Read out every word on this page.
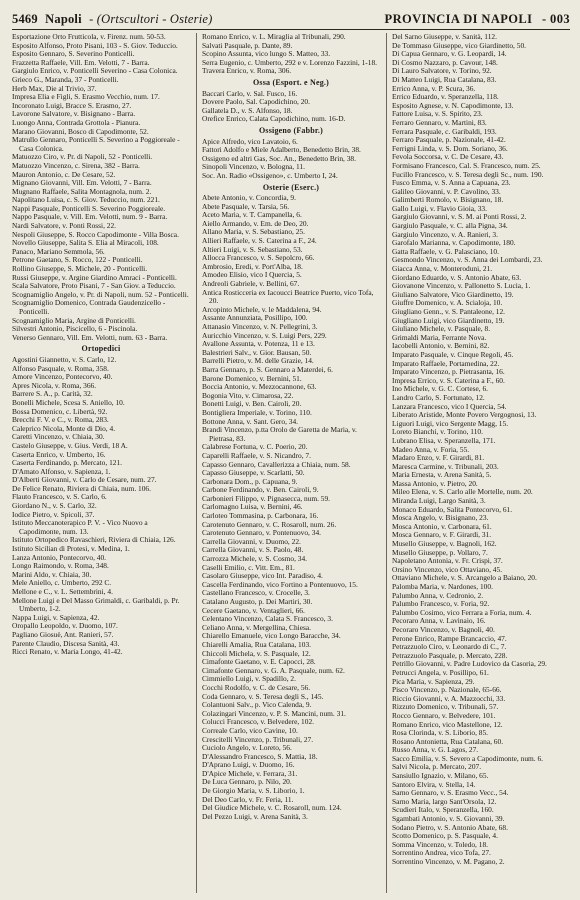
5469 Napoli - (Ortscultori - Osterie)	PROVINCIA DI NAPOLI - 003
Esportazione Orto Frutticola, v. Firenz. num. 50-53.
Esposito Alfonso, Proto Pisani, 103 - S. Giov. Teduccio.
Esposito Gennaro, S. Severino Ponticelli.
Frazzetta Raffaele, Vill. Em. Velotti, 7 - Barra.
Gargiulo Enrico, v. Ponticelli Severino - Casa Colonica.
Grieco G., Maranda, 37 - Ponticelli.
Herb Max, Die al Trivio, 37.
Impresa Elia e Figli, S. Erasmo Vecchio, num. 17.
Incoronato Luigi, Bracce S. Erasmo, 27.
Lavorone Salvatore, v. Bisignano - Barra.
Luongo Anna, Contrada Grottola - Pianura.
Marano Giovanni, Bosco di Capodimonte, 52.
Matrullo Gennaro, Ponticelli S. Severino a Poggioreale - Casa Colonica.
Matuozzo Ciro, v. Pr. di Napoli, 52 - Ponticelli.
Matuozzo Vincenzo, c. Sirena, 382 - Barra.
Mauron Antonio, c. De Cesare, 52.
Mignano Giovanni, Vill. Em. Velotti, 7 - Barra.
Mugnano Raffaele, Salita Montagnola, num. 2.
Napolitano Luisa, c. S. Giov. Teduccio, num. 221.
Nappi Pasquale, Ponticelli S. Severino Poggioreale.
Nappo Pasquale, v. Vill. Em. Velotti, num. 9 - Barra.
Nardi Salvatore, v. Ponti Rossi, 22.
Nespoli Giuseppe, S. Rocco Capodimonte - Villa Bosca.
Novello Giuseppe, Salita S. Elia al Miracoli, 108.
Panaco, Mariano Semmola, 56.
Petrone Gaetano, S. Rocco, 122 - Ponticelli.
Rollino Giuseppe, S. Michele, 20 - Ponticelli.
Russi Giuseppe, v. Argine Giardino Amraci - Ponticelli.
Scala Salvatore, Proto Pisani, 7 - San Giov. a Teduccio.
Scognamiglio Angelo, v. Pr. di Napoli, num. 52 - Ponticelli.
Scognamiglio Domenico, Contrada Gaudenzicello - Ponticelli.
Scognamiglio Maria, Argine di Ponticelli.
Silvestri Antonio, Piscicello, 6 - Piscinola.
Venerso Gennaro, Vill. Em. Velotti, num. 63 - Barra.
Ortopedici
Agostini Giannetto, v. S. Carlo, 12.
Alfonso Pasquale, v. Roma, 358.
Amore Vincenzo, Pontecorvo, 40.
Apres Nicola, v. Roma, 366.
Barrere S. A., p. Carità, 32.
Bonelli Michele, Scesa S. Aniello, 10.
Bossa Domenico, c. Libertà, 92.
Brecchi F. V. e C., v. Roma, 283.
Caleprico Nicola, Monte di Dio, 4.
Caretti Vincenzo, v. Chiaia, 30.
Castelo Giuseppe, v. Gius. Verdi, 18 A.
Caserta Enrico, v. Umberto, 16.
Caserta Ferdinando, p. Mercato, 121.
D'Amato Alfonso, v. Sapienza, 1.
D'Alberti Giovanni, v. Carlo de Cesare, num. 27.
De Felice Renato, Riviera di Chiaia, num. 106.
Flauto Francesco, v. S. Carlo, 6.
Giordano N., v. S. Carlo, 32.
Iodice Pietro, v. Spicoli, 37.
Istituto Meccanoterapico P. V. - Vico Nuovo a Capodimonte, num. 13.
Istituto Ortopedico Ravaschieri, Riviera di Chiaia, 126.
Istituto Sicilian di Protesi, v. Medina, 1.
Lanza Antonio, Pontecorvo, 40.
Longo Raimondo, v. Roma, 348.
Marini Aldo, v. Chiaia, 30.
Mele Aniello, c. Umberto, 292 C.
Mellone e C., v. L. Settembrini, 4.
Mellone Luigi e Del Masso Grimaldi, c. Garibaldi, p. Pr. Umberto, 1-2.
Nappa Luigi, v. Sapienza, 42.
Oropallo Leopoldo, v. Duomo, 107.
Pagliano Giosuè, Ant. Ranieri, 57.
Parente Claudio, Discesa Sanità, 43.
Ricci Renato, v. Maria Longo, 41-42.
Romano Enrico, v. L. Miraglia al Tribunali, 290.
Salvati Pasquale, p. Dante, 89.
Scopino Assunta, vico lungo S. Matteo, 33.
Serra Eugenio, c. Umberto, 292 e v. Lorenzo Fazzini, 1-18.
Travera Enrico, v. Roma, 306.
Ossa (Esport. e Neg.)
Baccari Carlo, v. Sal. Fusco, 16.
Dovere Paolo, Sal. Capodichino, 20.
Gallatela D., v. S. Alfonso, 18.
Orefice Enrico, Calata Capodichino, num. 16-D.
Ossigeno (Fabbr.)
Apice Alfredo, vico Lavatoio, 6.
Fattori Adolfo e Miele Adalberto, Benedetto Brin, 38.
Ossigeno ed altri Gas, Soc. An., Benedetto Brin, 38.
Sinopoli Vincenzo, v. Bologna, 11.
Soc. An. Radio «Ossigeno», c. Umberto I, 24.
Osterie (Eserc.)
Abete Antonio, v. Concordia, 9.
Abete Pasquale, v. Tarsia, 56.
Aceto Maria, v. T. Campanella, 6.
Aiello Armando, v. Em. de Deo, 20.
Allano Maria, v. S. Sebastiano, 25.
Allieri Raffaele, v. S. Caterina a F., 24.
Altieri Luigi, v. S. Sebastiano, 53.
Allocca Francesco, v. S. Sepolcro, 66.
Ambrosio, Eredi, v. Port'Alba, 18.
Amodeo Elisio, vico I Quercia, 5.
Andreoli Gabriele, v. Bellini, 67.
Antica Rosticceria ex Iacoucci Beatrice Puerto, vico Tofa, 20.
Arcopinto Michele, v. le Maddalena, 94.
Assante Annunziata, Posillipo, 100.
Attanasio Vincenzo, v. N. Pellegrini, 3.
Auricchio Vincenzo, v. S. Luigi Pers, 229.
Avallone Assunta, v. Potenza, 11 e 13.
Balestrieri Salv., v. Gior. Bausan, 50.
Barrelli Pietro, v. M. delle Grazie, 14.
Barra Gennaro, p. S. Gennaro a Materdei, 6.
Barone Domenico, v. Bernini, 51.
Boccia Antonio, v. Mezzocannone, 63.
Bogonia Vito, v. Cimarosa, 22.
Bonetti Luigi, v. Ben. Cairoli, 20.
Bontigliera Imperiale, v. Torino, 110.
Bottone Anna, v. Sant. Gero, 34.
Brandi Vincenzo, p.tta Orolo de Garetta de Maria, v. Pietrasa, 83.
Calabrese Fortuna, v. C. Poerio, 20.
Caparelli Raffaele, v. S. Nicandro, 7.
Capasso Gennaro, Cavallerizza a Chiaia, num. 58.
Capasso Giuseppe, v. Scarlatti, 50.
Carbonara Dom., p. Capuana, 9.
Carbone Ferdinando, v. Ben. Cairoli, 9.
Carbonieri Filippo, v. Pignasecca, num. 59.
Carlomagno Luisa, v. Bernini, 46.
Carloteo Tommasina, p. Carbonara, 16.
Carotenuto Gennaro, v. C. Rosaroll, num. 26.
Carotenuto Gennaro, v. Pontenuovo, 34.
Carrella Giovanni, v. Duomo, 22.
Carrella Giovanni, v. S. Paolo, 48.
Carrozza Michele, v. S. Cosmo, 34.
Caselli Emilio, c. Vitt. Em., 81.
Casolaro Giuseppe, vico Int. Paradiso, 4.
Cascella Ferdinando, vico Fortino a Pontenuovo, 15.
Castellano Francesco, v. Crocelle, 3.
Catalano Augusto, p. Dei Martiri, 30.
Cecere Gaetano, v. Ventaglieri, 66.
Celentano Vincenzo, Calata S. Francesco, 3.
Celiano Anna, v. Mergellina, Chiesa.
Chiarello Emanuele, vico Longo Baracche, 34.
Chiarelli Amalia, Rua Catalana, 103.
Chiccoli Michela, v. S. Pasquale, 12.
Cimafonte Gaetano, v. E. Capocci, 28.
Cimafonte Gennaro, v. G. A. Pasquale, num. 62.
Cimmiello Luigi, v. Spadillo, 2.
Cocchi Rodolfo, v. C. de Cesare, 56.
Coda Gennaro, v. S. Teresa degli S., 145.
Colantuoni Salv., p. Vico Calenda, 9.
Colazingari Vincenzo, v. P. S. Mancini, num. 31.
Colucci Francesco, v. Belvedere, 102.
Correale Carlo, vico Cavine, 10.
Crescitelli Vincenzo, p. Tribunali, 27.
Cuciolo Angelo, v. Loreto, 56.
D'Alessandro Francesco, S. Mattia, 18.
D'Aprano Luigi, v. Duomo, 16.
D'Apice Michele, v. Ferrara, 31.
De Luca Gennaro, p. Nilo, 20.
De Giorgio Maria, v. S. Liborio, 1.
Del Deo Carlo, v. Fr. Feria, 11.
Del Giudice Michele, v. C. Rosaroll, num. 124.
Del Pezzo Luigi, v. Arena Sanità, 3.
Del Sarno Giuseppe, v. Sanità, 112.
De Tommaso Giuseppe, vico Giardinetto, 50.
Di Capua Gennaro, v. G. Leopardi, 14.
Di Cosmo Nazzaro, p. Cavour, 148.
Di Lauro Salvatore, v. Torino, 92.
Di Matteo Luigi, Rua Catalana, 83.
Errico Anna, v. P. Scura, 36.
Errico Eduardo, v. Speranzella, 118.
Esposito Agnese, v. N. Capodimonte, 13.
Fattore Luisa, v. S. Spirito, 23.
Ferraro Gennaro, v. Martini, 83.
Ferrara Pasquale, c. Garibaldi, 193.
Ferraro Pasquale, p. Nazionale, 41-42.
Ferrigni Linda, v. S. Dom. Soriano, 36.
Fevola Soccorsa, v. C. De Cesare, 43.
Formisano Francesco, Cal. S. Francesco, num. 25.
Fucillo Francesco, v. S. Teresa degli Sc., num. 190.
Fusco Emma, v. S. Anna a Capuana, 23.
Galileo Giovanni, v. P. Cavolino, 33.
Galimberti Romolo, v. Bisignano, 18.
Gallo Luigi, v. Flavio Gioia, 33.
Gargiulo Giovanni, v. S. M. ai Ponti Rossi, 2.
Gargiulo Pasquale, v. C. alla Pigna, 34.
Gargiulo Vincenzo, v. A. Ranieri, 3.
Garofalo Marianna, v. Capodimonte, 180.
Gatta Raffaele, v. G. Palasciano, 10.
Gesmondo Vincenzo, v. S. Anna dei Lombardi, 23.
Giacca Anna, v. Monteroduni, 21.
Giordano Eduardo, v. S. Antonio Abate, 63.
Giovanone Vincenzo, v. Pallonetto S. Lucia, 1.
Giuliano Salvatore, Vico Giardinetto, 19.
Giuffre Domenico, v. A. Scialoja, 10.
Giugliano Genn., v. S. Pantaleone, 12.
Giugliano Luigi, vico Giardinetto, 19.
Giuliano Michele, v. Pasquale, 8.
Grimaldi Maria, Ferrante Nova.
Iacobelli Antonio, v. Bernini, 82.
Imparato Pasquale, v. Cinque Regoli, 45.
Imparato Raffaele, Portamedina, 22.
Imparato Vincenzo, p. Pietrasanta, 16.
Impresa Errico, v. S. Caterina a F., 60.
Ino Michele, v. G. C. Cortese, 6.
Landro Carlo, S. Fortunato, 12.
Lanzara Francesco, vico I Quercia, 54.
Liberato Aristide, Monte Povero Vergognosi, 13.
Liguori Luigi, vico Sergente Magg, 15.
Loreto Bianchi, v. Torino, 110.
Lubrano Elisa, v. Speranzella, 171.
Madeo Anna, v. Foria, 55.
Madaro Enzo, v. F. Girardi, 81.
Maresca Carmine, v. Tribunali, 203.
Maria Ernesta, v. Arena Sanità, 5.
Massa Antonio, v. Pietro, 20.
Mileo Elena, v. S. Carlo alle Mortelle, num. 20.
Miranda Luigi, Largo Sanità, 3.
Monaco Eduardo, Salita Pontecorvo, 61.
Mosca Angelo, v. Bisignano, 23.
Mosca Antonio, v. Carbonara, 61.
Mosca Gennaro, v. F. Girardi, 31.
Musello Giuseppe, v. Bagnoli, 162.
Musello Giuseppe, p. Vollaro, 7.
Napoletano Antonia, v. Fr. Crispi, 37.
Orsino Vincenzo, vico Ottaviano, 45.
Ottaviano Michele, v. S. Arcangelo a Baiano, 20.
Palomba Maria, v. Nardones, 100.
Palumbo Anna, v. Cedronio, 2.
Palumbo Francesco, v. Foria, 92.
Palumbo Cosimo, vico Ferrara a Foria, num. 4.
Pecoraro Anna, v. Lavinaio, 16.
Pecoraro Vincenzo, v. Bagnoli, 40.
Perone Enrico, Rampe Brancaccio, 47.
Petrazzuolo Ciro, v. Leonardo di C., 7.
Petrazzuolo Pasquale, p. Mercato, 228.
Petrillo Giovanni, v. Padre Ludovico da Casoria, 29.
Petrucci Angela, v. Posillipo, 61.
Pica Maria, v. Sapienza, 29.
Pisco Vincenzo, p. Nazionale, 65-66.
Riccio Giovanni, v. A. Mazzocchi, 33.
Rizzuto Domenico, v. Tribunali, 57.
Rocco Gennaro, v. Belvedere, 101.
Romano Enrico, vico Mastellone, 12.
Rosa Clorinda, v. S. Liborio, 85.
Rosano Antonietta, Rua Catalana, 60.
Russo Anna, v. G. Lagos, 27.
Sacco Emilia, v. S. Severo a Capodimonte, num. 6.
Salvi Nicola, p. Mercato, 207.
Sansiullo Ignazio, v. Milano, 65.
Santoro Elvira, v. Stella, 14.
Sarno Gennaro, v. S. Erasmo Vecc., 54.
Sarno Maria, largo Sant'Orsola, 12.
Scudieri Italo, v. Speranzella, 160.
Sgambati Antonio, v. S. Giovanni, 39.
Sodano Pietro, v. S. Antonio Abate, 68.
Scotto Domenico, p. S. Pasquale, 4.
Somma Vincenzo, v. Toledo, 18.
Sorrentino Andrea, vico Tofa, 27.
Sorrentino Vincenzo, v. M. Pagano, 2.
